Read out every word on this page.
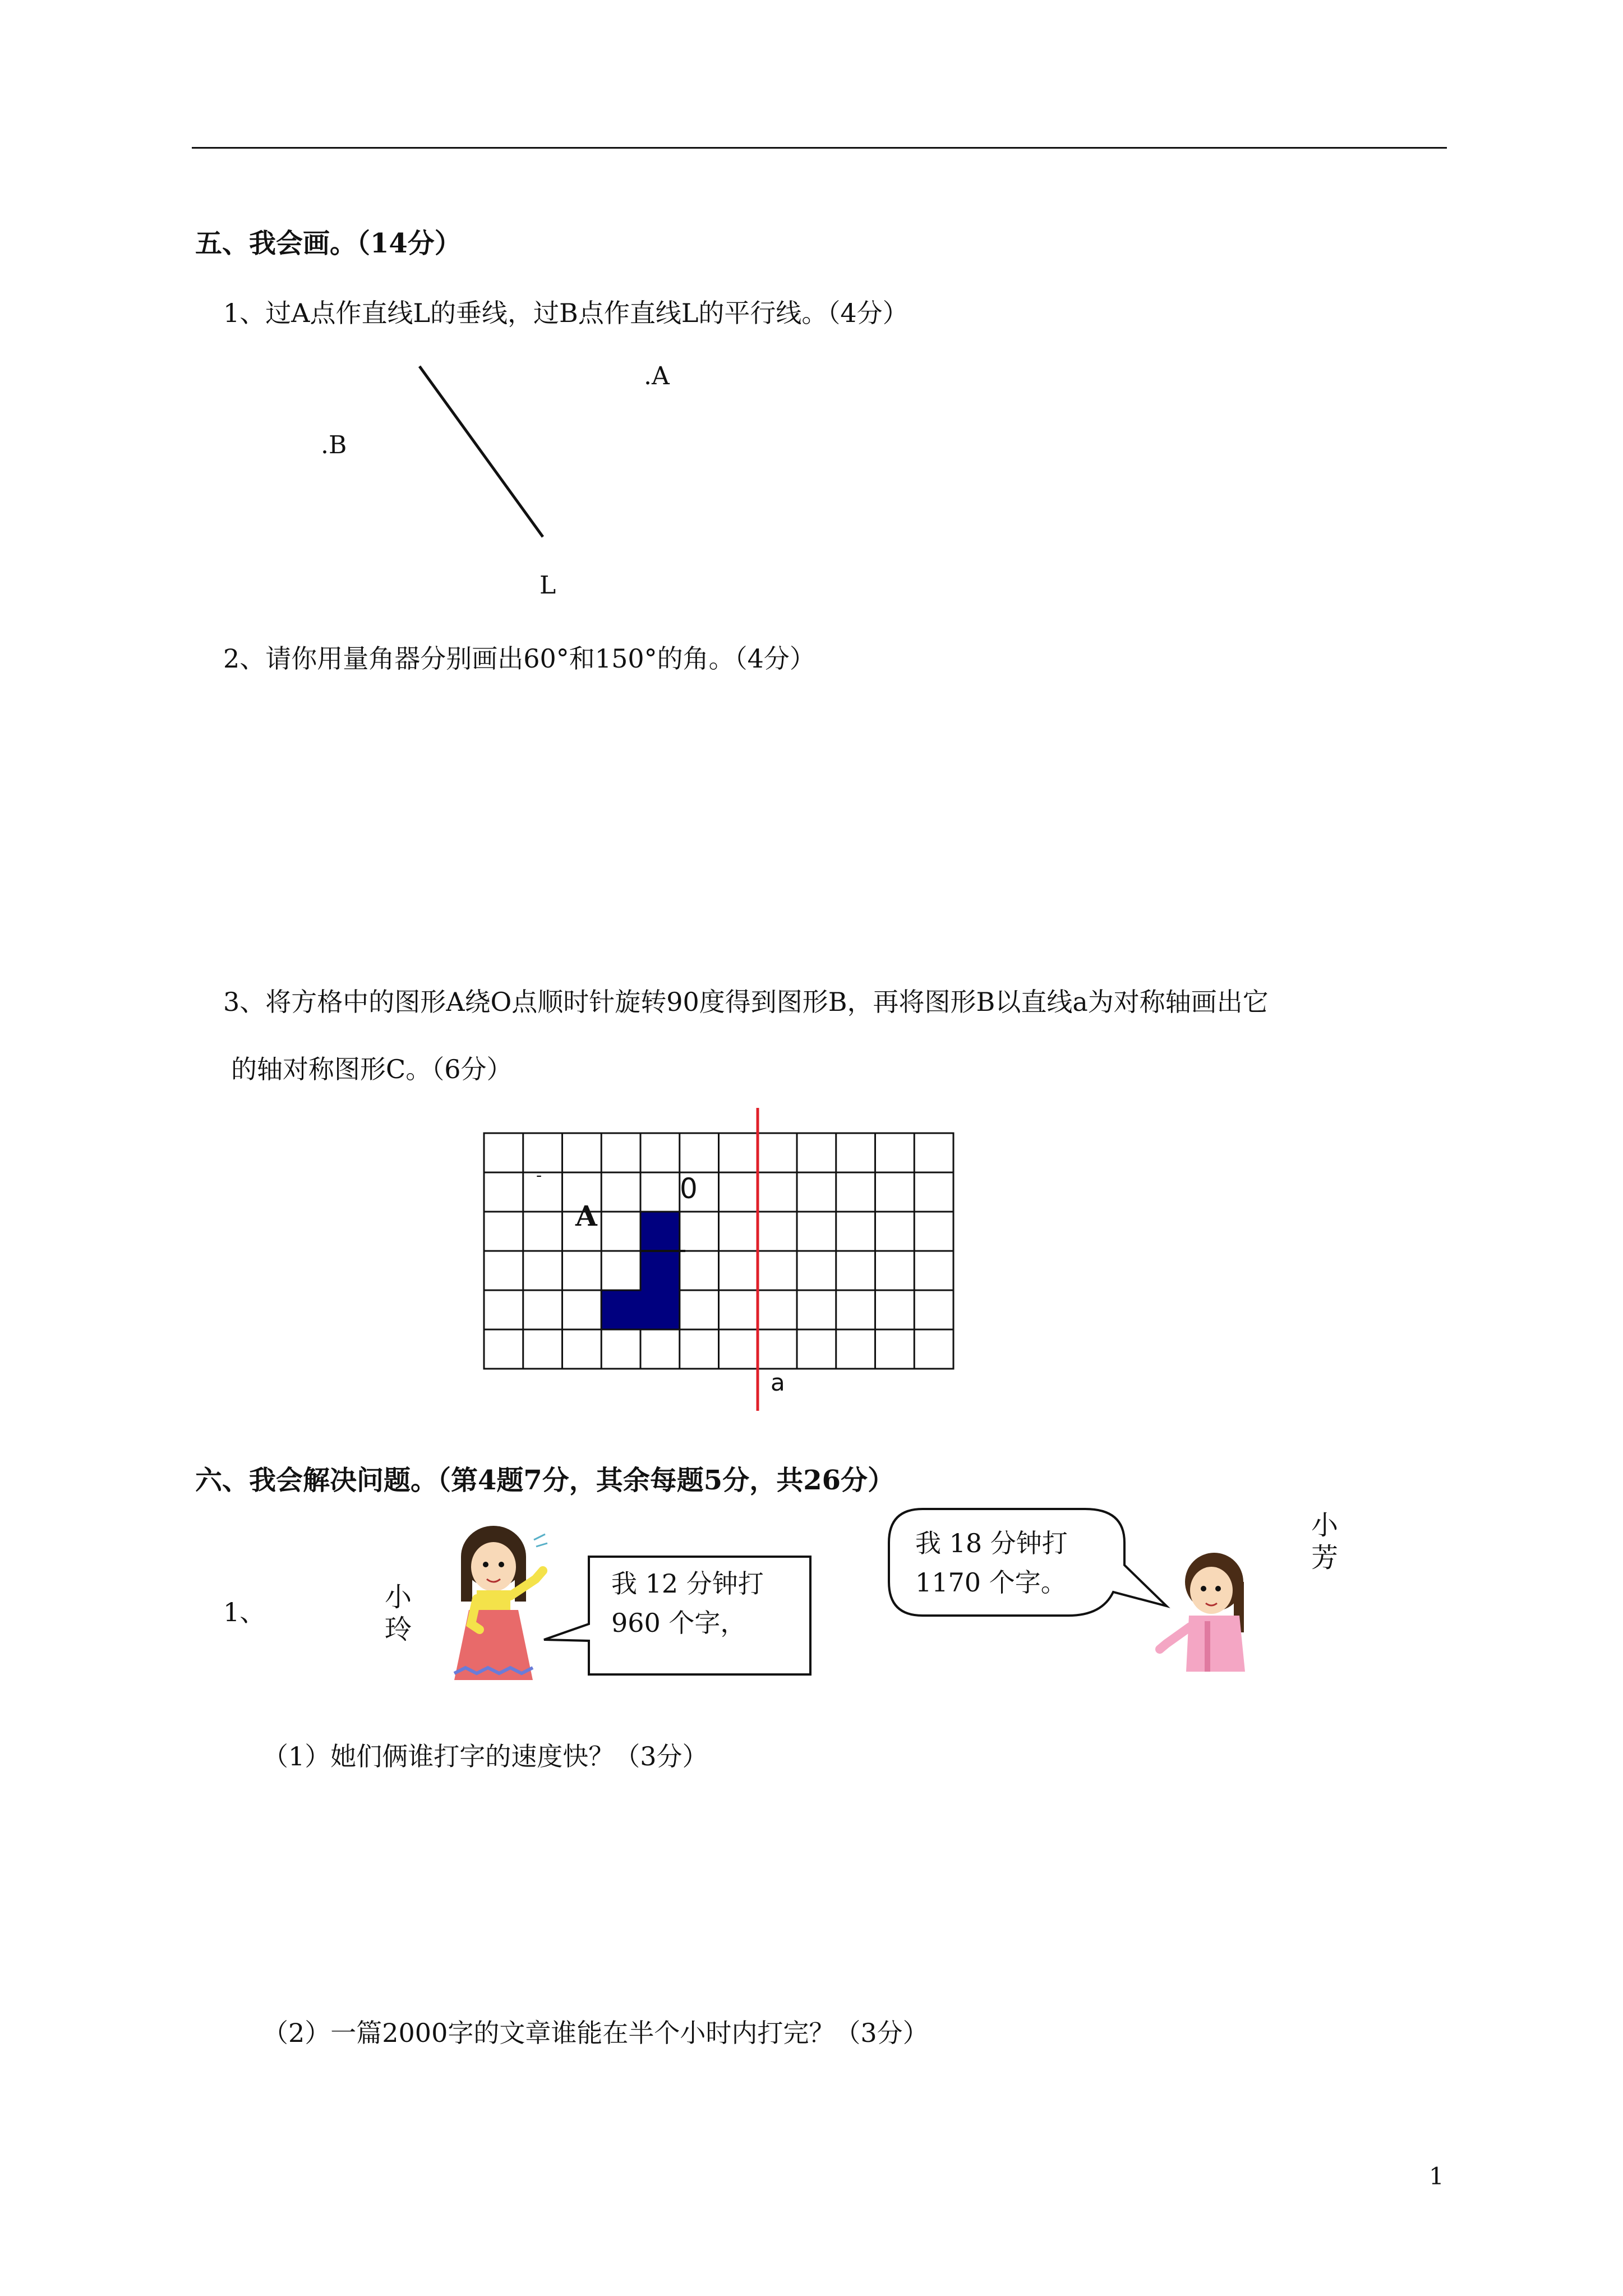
五、我会画。（14分）
1、过A点作直线L的垂线，过B点作直线L的平行线。（4分）
.A
.B
L
2、请你用量角器分别画出60°和150°的角。（4分）
3、将方格中的图形A绕O点顺时针旋转90度得到图形B，再将图形B以直线a为对称轴画出它
的轴对称图形C。（6分）
-
A
0
a
六、我会解决问题。（第4题7分，其余每题5分，共26分）
1、	小玲
我 12 分钟打 960 个字，
我 18 分钟打 1170 个字。
小芳
（1）她们俩谁打字的速度快？（3分）
（2）一篇2000字的文章谁能在半个小时内打完？（3分）
1
